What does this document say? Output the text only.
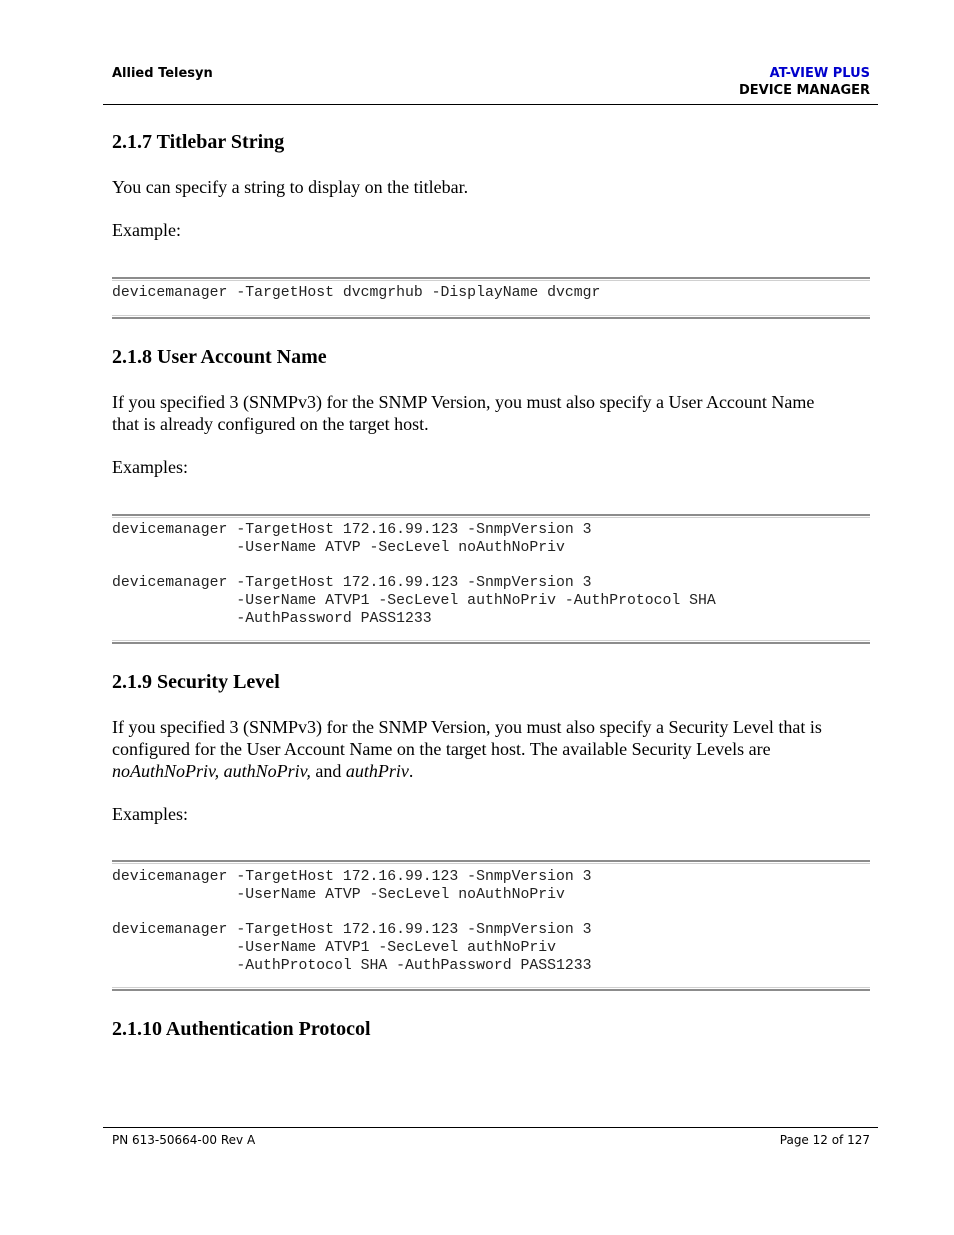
Allied Telesyn	AT-VIEW PLUS
DEVICE MANAGER
2.1.7 Titlebar String

You can specify a string to display on the titlebar.

Example:

devicemanager -TargetHost dvcmgrhub -DisplayName dvcmgr
2.1.8 User Account Name

If you specified 3 (SNMPv3) for the SNMP Version, you must also specify a User Account Name

that is already configured on the target host.

Examples:

devicemanager -TargetHost 172.16.99.123 -SnmpVersion 3
-UserName ATVP -SecLevel noAuthNoPriv
devicemanager -TargetHost 172.16.99.123 -SnmpVersion 3
-UserName ATVP1 -SecLevel authNoPriv -AuthProtocol SHA
-AuthPassword PASS1233
2.1.9 Security Level

If you specified 3 (SNMPv3) for the SNMP Version, you must also specify a Security Level that is

configured for the User Account Name on the target host. The available Security Levels are

noAuthNoPriv, authNoPriv, and authPriv.

Examples:

devicemanager -TargetHost 172.16.99.123 -SnmpVersion 3
-UserName ATVP -SecLevel noAuthNoPriv
devicemanager -TargetHost 172.16.99.123 -SnmpVersion 3
-UserName ATVP1 -SecLevel authNoPriv
-AuthProtocol SHA -AuthPassword PASS1233
2.1.10 Authentication Protocol
PN 613-50664-00 Rev A	Page 12 of 127
